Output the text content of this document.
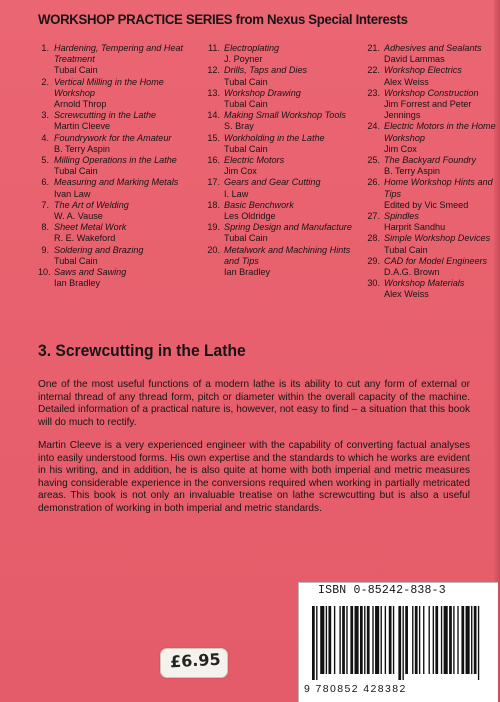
WORKSHOP PRACTICE SERIES from Nexus Special Interests
1. Hardening, Tempering and Heat Treatment
Tubal Cain
2. Vertical Milling in the Home Workshop
Arnold Throp
3. Screwcutting in the Lathe
Martin Cleeve
4. Foundrywork for the Amateur
B. Terry Aspin
5. Milling Operations in the Lathe
Tubal Cain
6. Measuring and Marking Metals
Ivan Law
7. The Art of Welding
W. A. Vause
8. Sheet Metal Work
R. E. Wakeford
9. Soldering and Brazing
Tubal Cain
10. Saws and Sawing
Ian Bradley
11. Electroplating
J. Poyner
12. Drills, Taps and Dies
Tubal Cain
13. Workshop Drawing
Tubal Cain
14. Making Small Workshop Tools
S. Bray
15. Workholding in the Lathe
Tubal Cain
16. Electric Motors
Jim Cox
17. Gears and Gear Cutting
I. Law
18. Basic Benchwork
Les Oldridge
19. Spring Design and Manufacture
Tubal Cain
20. Metalwork and Machining Hints and Tips
Ian Bradley
21. Adhesives and Sealants
David Lammas
22. Workshop Electrics
Alex Weiss
23. Workshop Construction
Jim Forrest and Peter Jennings
24. Electric Motors in the Home Workshop
Jim Cox
25. The Backyard Foundry
B. Terry Aspin
26. Home Workshop Hints and Tips
Edited by Vic Smeed
27. Spindles
Harprit Sandhu
28. Simple Workshop Devices
Tubal Cain
29. CAD for Model Engineers
D.A.G. Brown
30. Workshop Materials
Alex Weiss
3. Screwcutting in the Lathe
One of the most useful functions of a modern lathe is its ability to cut any form of external or internal thread of any thread form, pitch or diameter within the overall capacity of the machine. Detailed information of a practical nature is, however, not easy to find – a situation that this book will do much to rectify.
Martin Cleeve is a very experienced engineer with the capability of converting factual analyses into easily understood forms. His own expertise and the standards to which he works are evident in his writing, and in addition, he is also quite at home with both imperial and metric measures having considerable experience in the conversions required when working in partially metricated areas. This book is not only an invaluable treatise on lathe screwcutting but is also a useful demonstration of working in both imperial and metric standards.
ISBN 0-85242-838-3
9 780852 428382
£6.95
